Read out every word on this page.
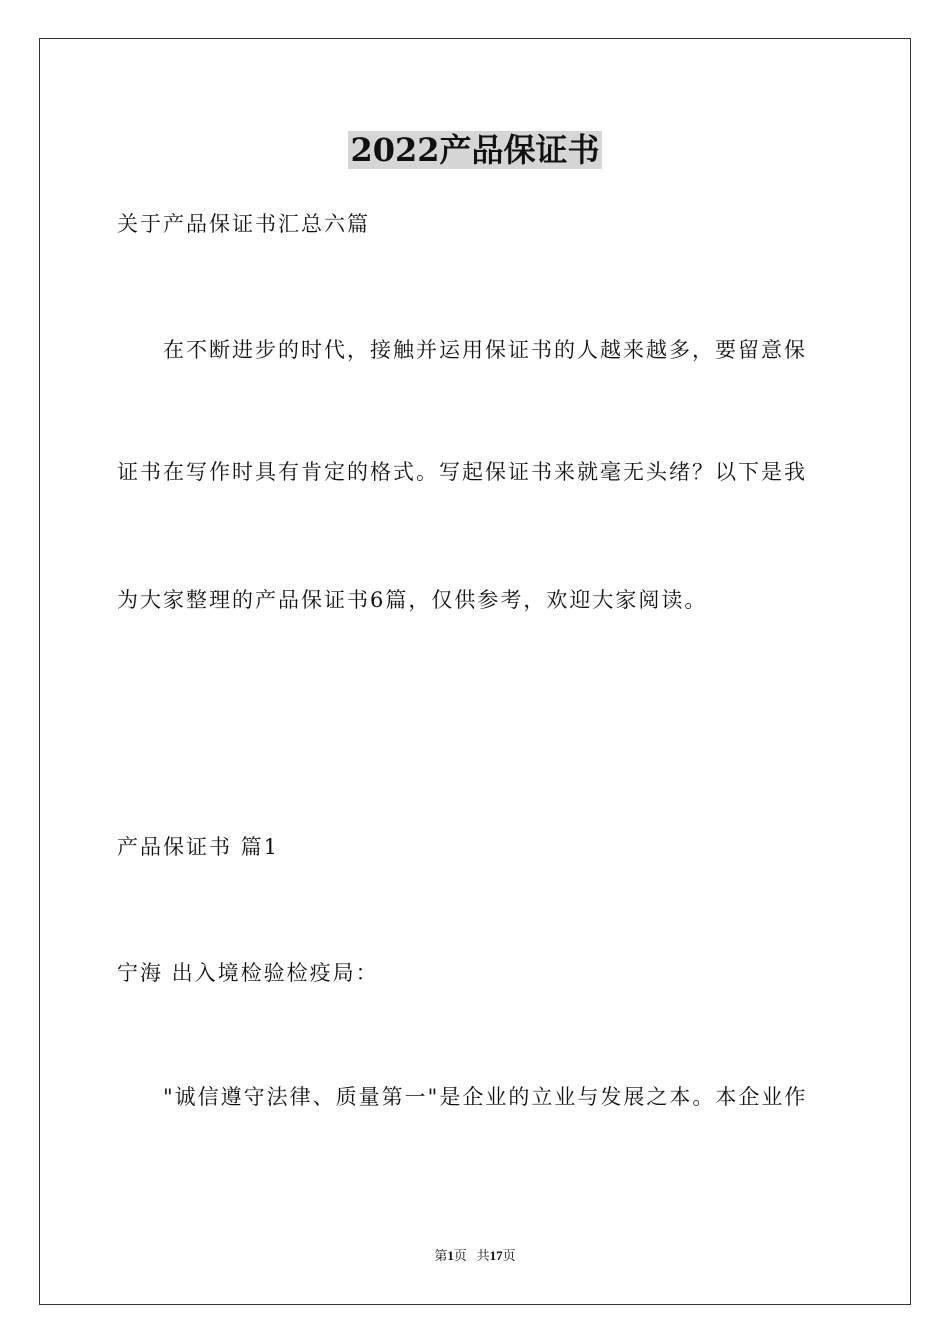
2022产品保证书
关于产品保证书汇总六篇
在不断进步的时代，接触并运用保证书的人越来越多，要留意保
证书在写作时具有肯定的格式。写起保证书来就毫无头绪？以下是我
为大家整理的产品保证书6篇，仅供参考，欢迎大家阅读。
产品保证书 篇1
宁海 出入境检验检疫局：
"诚信遵守法律、质量第一"是企业的立业与发展之本。本企业作
第1页 共17页
